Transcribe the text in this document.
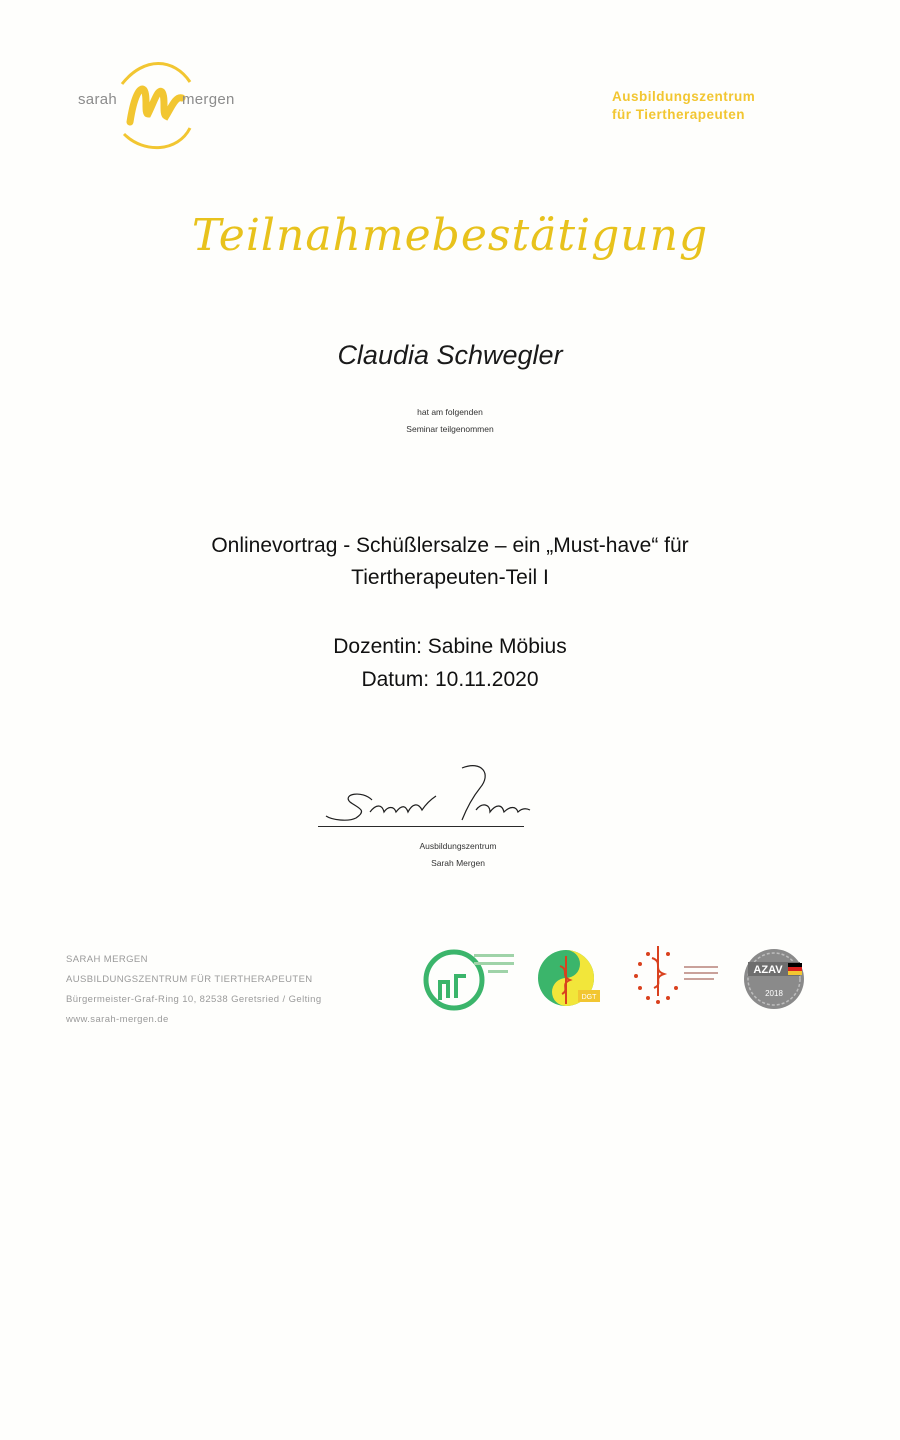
sarah	mergen	Ausbildungszentrum
für Tiertherapeuten
Teilnahmebestätigung
Claudia Schwegler
hat am folgenden
Seminar teilgenommen
Onlinevortrag - Schüßlersalze – ein „Must-have“ für
Tiertherapeuten-Teil I
Dozentin: Sabine Möbius
Datum: 10.11.2020
Ausbildungszentrum
Sarah Mergen
SARAH MERGEN
AUSBILDUNGSZENTRUM FÜR TIERTHERAPEUTEN
Bürgermeister-Graf-Ring 10, 82538 Geretsried / Gelting
www.sarah-mergen.de
DGT
AZAV
2018
